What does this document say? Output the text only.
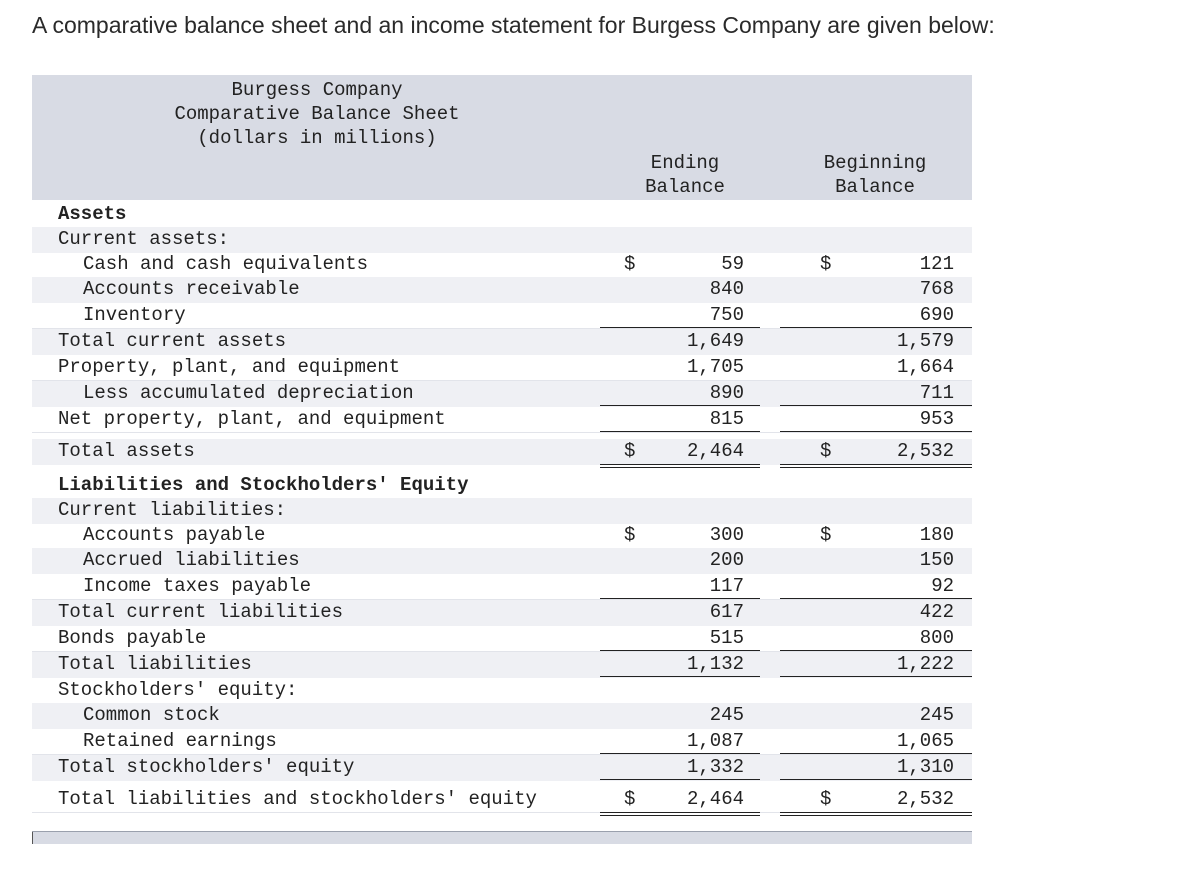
A comparative balance sheet and an income statement for Burgess Company are given below:
Burgess Company
Comparative Balance Sheet
(dollars in millions)
Ending
Balance
Beginning
Balance
Assets
Current assets:
Cash and cash equivalents	59	121
$	$
Accounts receivable	840	768
Inventory	750	690
Total current assets	1,649	1,579
Property, plant, and equipment	1,705	1,664
Less accumulated depreciation	890	711
Net property, plant, and equipment	815	953
Total assets	2,464	2,532
$	$
Liabilities and Stockholders' Equity
Current liabilities:
Accounts payable	300	180
$	$
Accrued liabilities	200	150
Income taxes payable	117	92
Total current liabilities	617	422
Bonds payable	515	800
Total liabilities	1,132	1,222
Stockholders' equity:
Common stock	245	245
Retained earnings	1,087	1,065
Total stockholders' equity	1,332	1,310
Total liabilities and stockholders' equity	2,464	2,532
$	$
